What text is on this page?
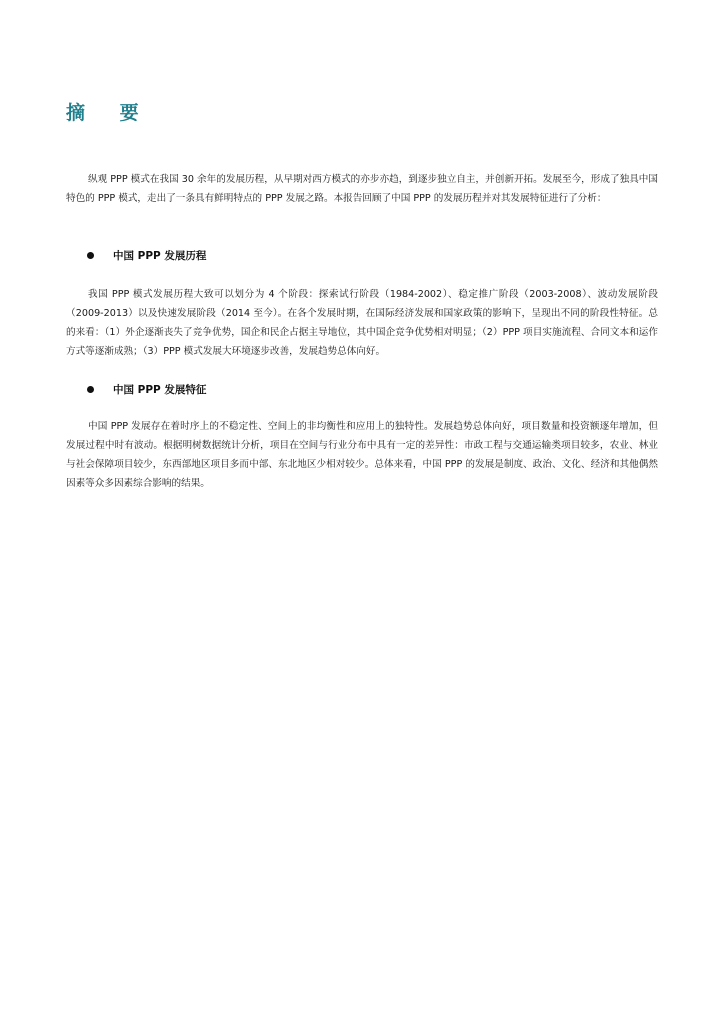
摘 要

纵观 PPP 模式在我国 30 余年的发展历程，从早期对西方模式的亦步亦趋，到逐步独立自主，并创新开拓。发展至今，形成了独具中国特色的 PPP 模式，走出了一条具有鲜明特点的 PPP 发展之路。本报告回顾了中国 PPP 的发展历程并对其发展特征进行了分析：

中国 PPP 发展历程

我国 PPP 模式发展历程大致可以划分为 4 个阶段：探索试行阶段（1984-2002）、稳定推广阶段（2003-2008）、波动发展阶段（2009-2013）以及快速发展阶段（2014 至今）。在各个发展时期，在国际经济发展和国家政策的影响下，呈现出不同的阶段性特征。总的来看：（1）外企逐渐丧失了竞争优势，国企和民企占据主导地位，其中国企竞争优势相对明显；（2）PPP 项目实施流程、合同文本和运作方式等逐渐成熟；（3）PPP 模式发展大环境逐步改善，发展趋势总体向好。

中国 PPP 发展特征

中国 PPP 发展存在着时序上的不稳定性、空间上的非均衡性和应用上的独特性。发展趋势总体向好，项目数量和投资额逐年增加，但发展过程中时有波动。根据明树数据统计分析，项目在空间与行业分布中具有一定的差异性：市政工程与交通运输类项目较多，农业、林业与社会保障项目较少，东西部地区项目多而中部、东北地区少相对较少。总体来看，中国 PPP 的发展是制度、政治、文化、经济和其他偶然因素等众多因素综合影响的结果。
